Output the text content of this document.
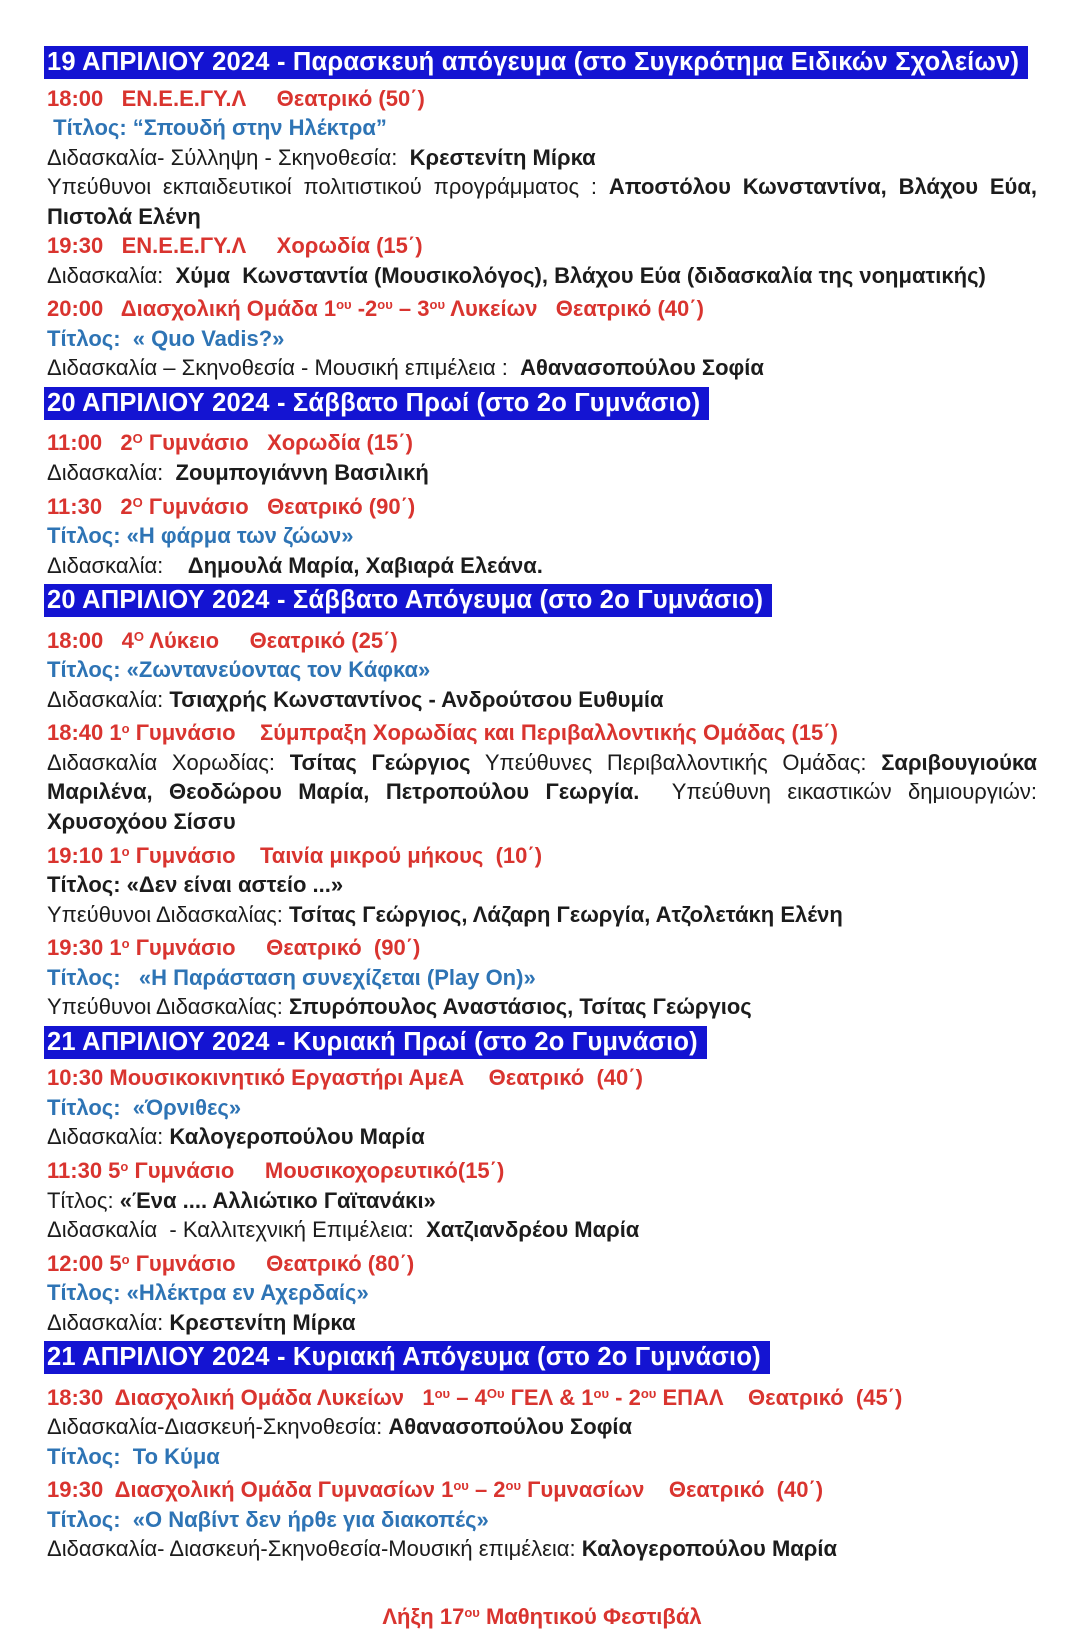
19 ΑΠΡΙΛΙΟΥ 2024 - Παρασκευή απόγευμα (στο Συγκρότημα Ειδικών Σχολείων)
18:00   ΕΝ.Ε.Ε.ΓΥ.Λ     Θεατρικό (50΄)
Τίτλος: “Σπουδή στην Ηλέκτρα”
Διδασκαλία- Σύλληψη - Σκηνοθεσία:  Κρεστενίτη Μίρκα
Υπεύθυνοι εκπαιδευτικοί πολιτιστικού προγράμματος : Αποστόλου Κωνσταντίνα, Βλάχου Εύα, Πιστολά Ελένη
19:30   ΕΝ.Ε.Ε.ΓΥ.Λ     Χορωδία (15΄)
Διδασκαλία:  Χύμα  Κωνσταντία (Μουσικολόγος), Βλάχου Εύα (διδασκαλία της νοηματικής)
20:00   Διασχολική Ομάδα $1^{o\upsilon}$ $-2^{o\upsilon} - 3^{o\upsilon}$ Λυκείων   Θεατρικό (40΄)
Τίτλος:  « Quo Vadis?»
Διδασκαλία – Σκηνοθεσία - Μουσική επιμέλεια :  Αθανασοπούλου Σοφία
20 ΑΠΡΙΛΙΟΥ 2024 - Σάββατο Πρωί (στο 2ο Γυμνάσιο)
11:00   $2^O$ Γυμνάσιο   Χορωδία (15΄)
Διδασκαλία:  Ζουμπογιάννη Βασιλική
11:30   $2^O$ Γυμνάσιο   Θεατρικό (90΄)
Τίτλος: «Η φάρμα των ζώων»
Διδασκαλία:    Δημουλά Μαρία, Χαβιαρά Ελεάνα.
20 ΑΠΡΙΛΙΟΥ 2024 - Σάββατο Απόγευμα (στο 2ο Γυμνάσιο)
18:00   $4^O$ Λύκειο     Θεατρικό (25΄)
Τίτλος: «Ζωντανεύοντας τον Κάφκα»
Διδασκαλία: Τσιαχρής Κωνσταντίνος - Ανδρούτσου Ευθυμία
18:40 $1^o$ Γυμνάσιο    Σύμπραξη Χορωδίας και Περιβαλλοντικής Ομάδας (15΄)
Διδασκαλία Χορωδίας: Τσίτας Γεώργιος Υπεύθυνες Περιβαλλοντικής Ομάδας: Σαριβουγιούκα Μαριλένα, Θεοδώρου Μαρία, Πετροπούλου Γεωργία.  Υπεύθυνη εικαστικών δημιουργιών: Χρυσοχόου Σίσσυ
19:10 $1^o$ Γυμνάσιο    Ταινία μικρού μήκους  (10΄)
Τίτλος: «Δεν είναι αστείο ...»
Υπεύθυνοι Διδασκαλίας: Τσίτας Γεώργιος, Λάζαρη Γεωργία, Ατζολετάκη Ελένη
19:30 $1^o$ Γυμνάσιο     Θεατρικό  (90΄)
Τίτλος:   «Η Παράσταση συνεχίζεται (Play On)»
Υπεύθυνοι Διδασκαλίας: Σπυρόπουλος Αναστάσιος, Τσίτας Γεώργιος
21 ΑΠΡΙΛΙΟΥ 2024 - Κυριακή Πρωί (στο 2ο Γυμνάσιο)
10:30 Μουσικοκινητικό Εργαστήρι ΑμεΑ    Θεατρικό  (40΄)
Τίτλος:  «Όρνιθες»
Διδασκαλία: Καλογεροπούλου Μαρία
11:30 $5^o$ Γυμνάσιο     Μουσικοχορευτικό(15΄)
Τίτλος: «Ένα .... Αλλιώτικο Γαϊτανάκι»
Διδασκαλία  - Καλλιτεχνική Επιμέλεια:  Χατζιανδρέου Μαρία
12:00 $5^o$ Γυμνάσιο     Θεατρικό (80΄)
Τίτλος: «Ηλέκτρα εν Αχερδαίς»
Διδασκαλία: Κρεστενίτη Μίρκα
21 ΑΠΡΙΛΙΟΥ 2024 - Κυριακή Απόγευμα (στο 2ο Γυμνάσιο)
18:30  Διασχολική Ομάδα Λυκείων   $1^{o\upsilon} - 4^{O\upsilon}$ ΓΕΛ & $1^{o\upsilon} - 2^{o\upsilon}$ ΕΠΑΛ    Θεατρικό  (45΄)
Διδασκαλία-Διασκευή-Σκηνοθεσία: Αθανασοπούλου Σοφία
Τίτλος:  Το Κύμα
19:30  Διασχολική Ομάδα Γυμνασίων $1^{o\upsilon} - 2^{o\upsilon}$ Γυμνασίων    Θεατρικό  (40΄)
Τίτλος:  «Ο Ναβίντ δεν ήρθε για διακοπές»
Διδασκαλία- Διασκευή-Σκηνοθεσία-Μουσική επιμέλεια: Καλογεροπούλου Μαρία
Λήξη $17^{o\upsilon}$ Μαθητικού Φεστιβάλ
